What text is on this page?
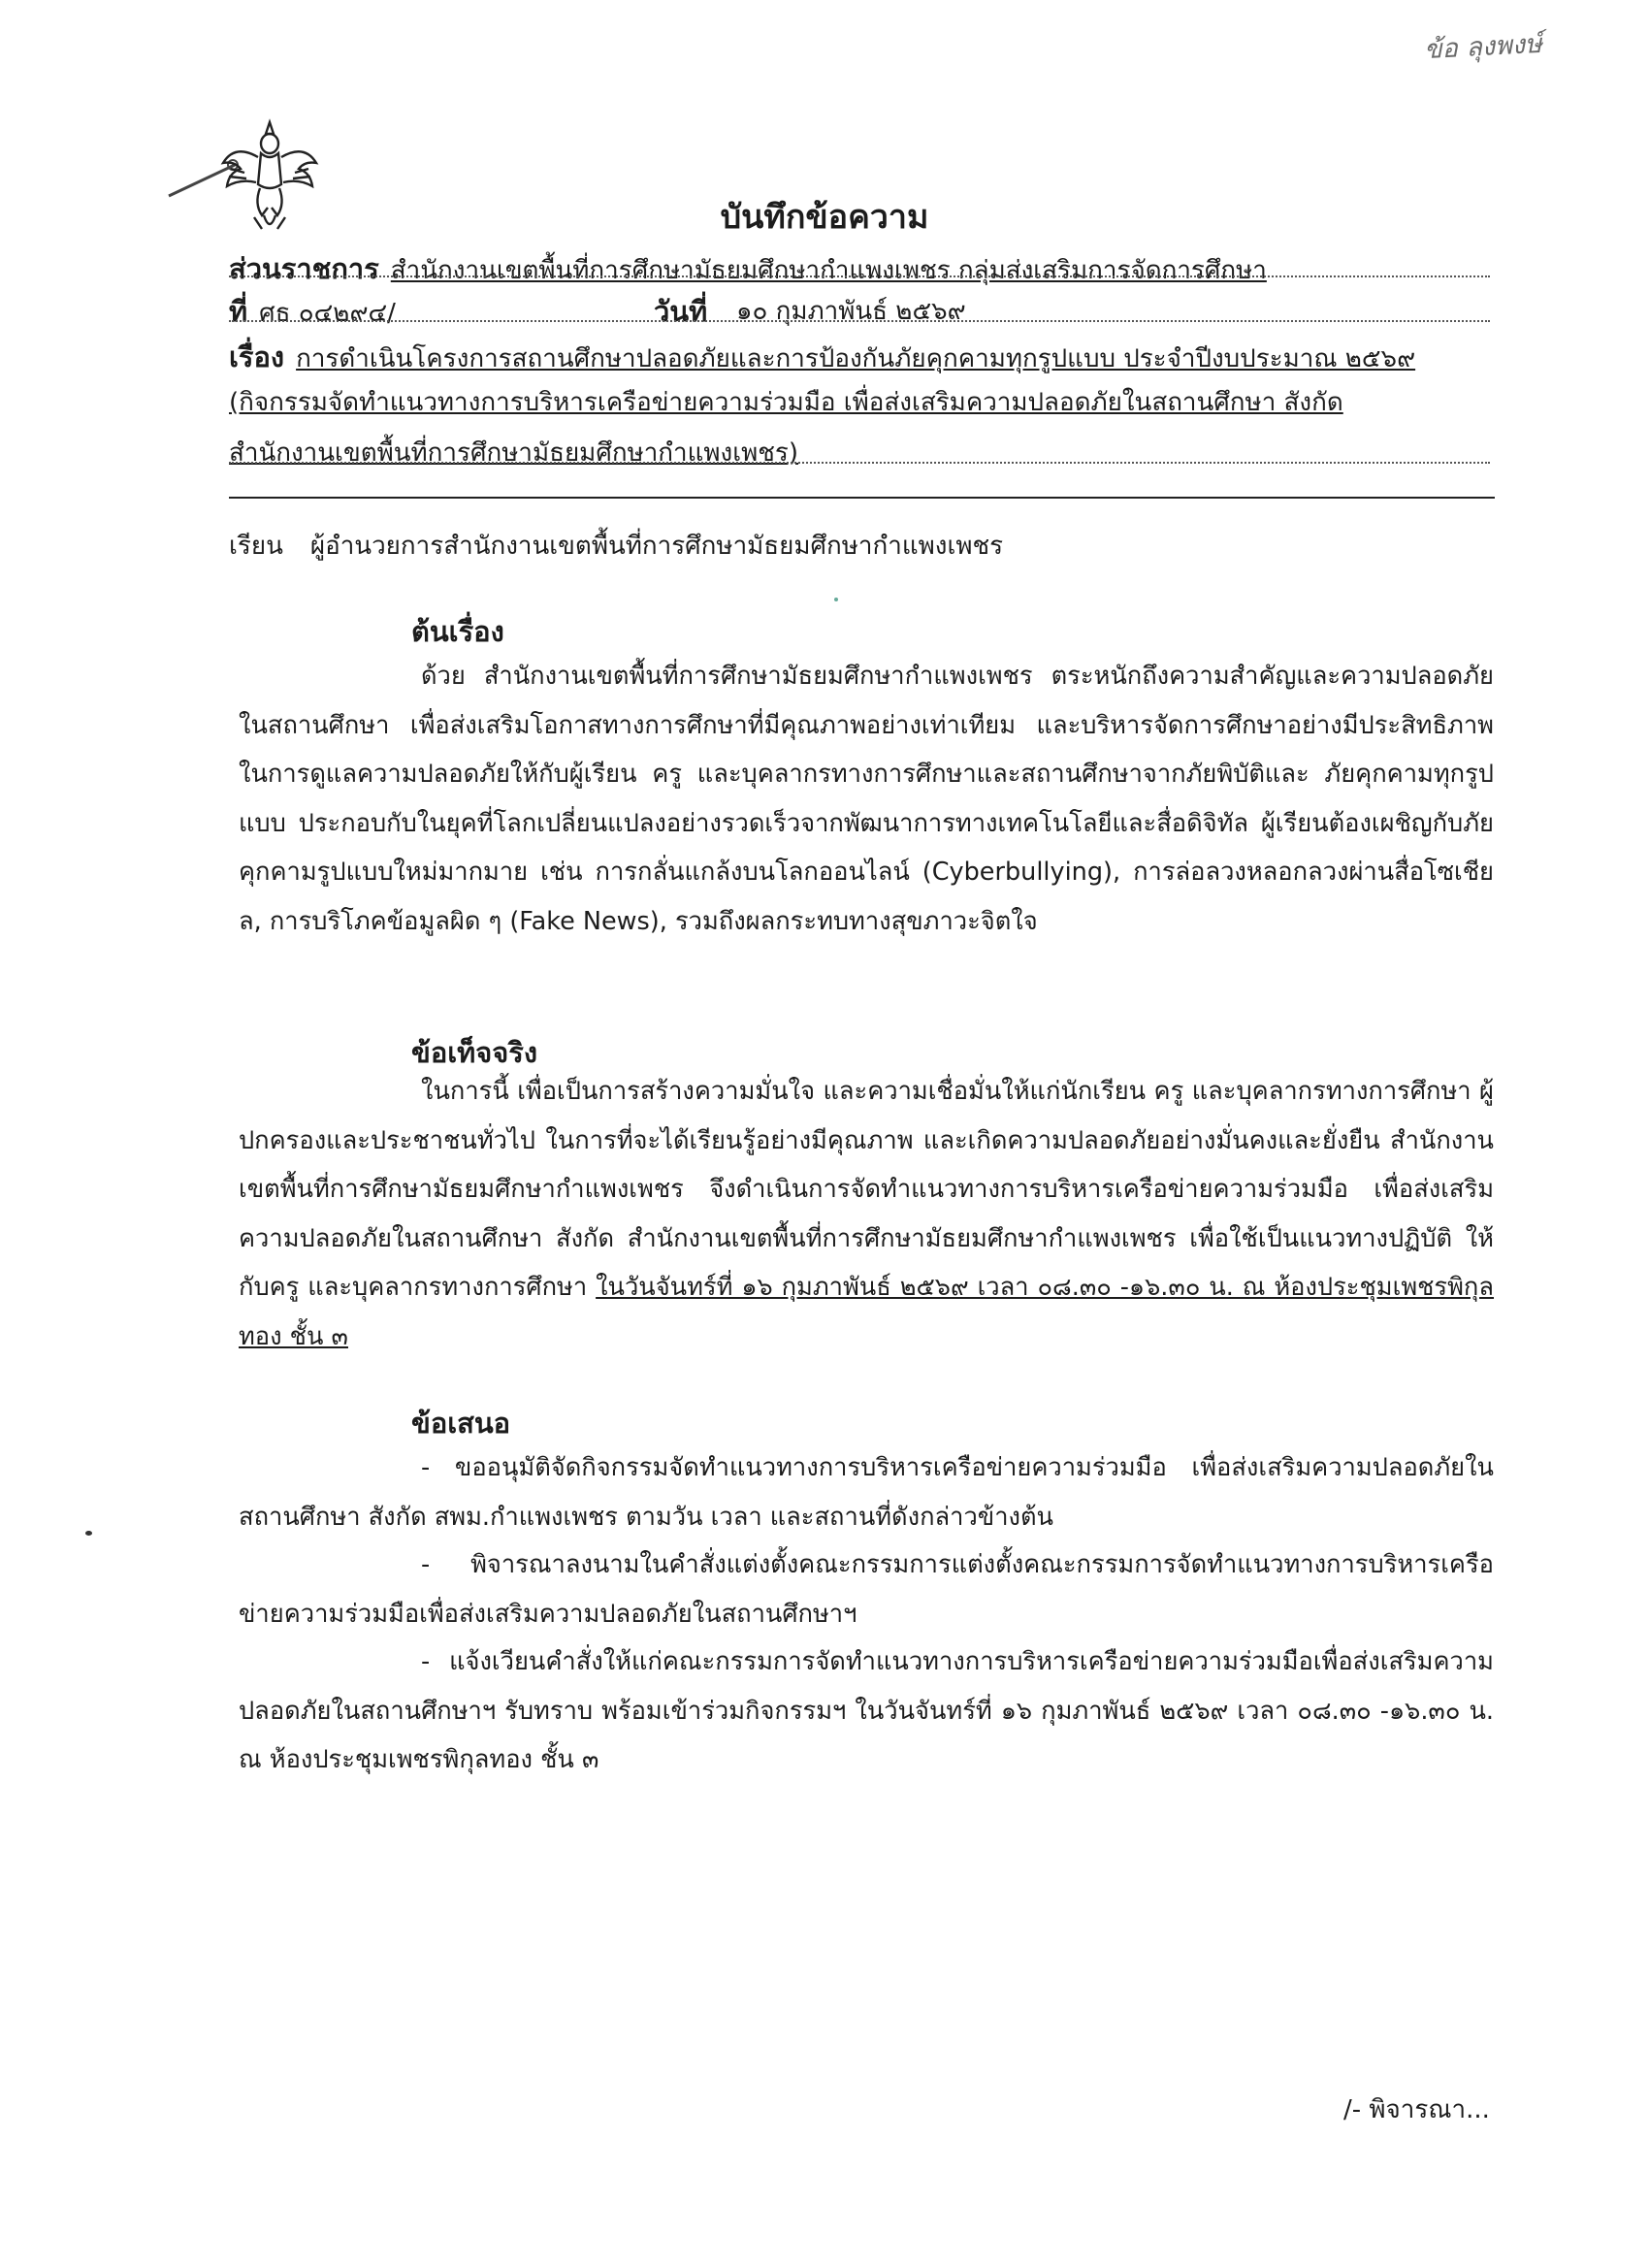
ข้อ ลุงพงษ์
บันทึกข้อความ
ส่วนราชการ สำนักงานเขตพื้นที่การศึกษามัธยมศึกษากำแพงเพชร กลุ่มส่งเสริมการจัดการศึกษา
ที่ ศธ ๐๔๒๙๔/	วันที่ ๑๐ กุมภาพันธ์ ๒๕๖๙
เรื่อง การดำเนินโครงการสถานศึกษาปลอดภัยและการป้องกันภัยคุกคามทุกรูปแบบ ประจำปีงบประมาณ ๒๕๖๙
(กิจกรรมจัดทำแนวทางการบริหารเครือข่ายความร่วมมือ เพื่อส่งเสริมความปลอดภัยในสถานศึกษา สังกัด
สำนักงานเขตพื้นที่การศึกษามัธยมศึกษากำแพงเพชร)
เรียน ผู้อำนวยการสำนักงานเขตพื้นที่การศึกษามัธยมศึกษากำแพงเพชร
ต้นเรื่อง

ด้วย สำนักงานเขตพื้นที่การศึกษามัธยมศึกษากำแพงเพชร ตระหนักถึงความสำคัญและความปลอดภัยในสถานศึกษา เพื่อส่งเสริมโอกาสทางการศึกษาที่มีคุณภาพอย่างเท่าเทียม และบริหารจัดการศึกษาอย่างมีประสิทธิภาพ ในการดูแลความปลอดภัยให้กับผู้เรียน ครู และบุคลากรทางการศึกษาและสถานศึกษาจากภัยพิบัติและ ภัยคุกคามทุกรูปแบบ ประกอบกับในยุคที่โลกเปลี่ยนแปลงอย่างรวดเร็วจากพัฒนาการทางเทคโนโลยีและสื่อดิจิทัล ผู้เรียนต้องเผชิญกับภัยคุกคามรูปแบบใหม่มากมาย เช่น การกลั่นแกล้งบนโลกออนไลน์ (Cyberbullying), การล่อลวงหลอกลวงผ่านสื่อโซเชียล, การบริโภคข้อมูลผิด ๆ (Fake News), รวมถึงผลกระทบทางสุขภาวะจิตใจ

ข้อเท็จจริง

ในการนี้ เพื่อเป็นการสร้างความมั่นใจ และความเชื่อมั่นให้แก่นักเรียน ครู และบุคลากรทางการศึกษา ผู้ปกครองและประชาชนทั่วไป ในการที่จะได้เรียนรู้อย่างมีคุณภาพ และเกิดความปลอดภัยอย่างมั่นคงและยั่งยืน สำนักงานเขตพื้นที่การศึกษามัธยมศึกษากำแพงเพชร จึงดำเนินการจัดทำแนวทางการบริหารเครือข่ายความร่วมมือ เพื่อส่งเสริมความปลอดภัยในสถานศึกษา สังกัด สำนักงานเขตพื้นที่การศึกษามัธยมศึกษากำแพงเพชร เพื่อใช้เป็นแนวทางปฏิบัติ ให้กับครู และบุคลากรทางการศึกษา ในวันจันทร์ที่ ๑๖ กุมภาพันธ์ ๒๕๖๙ เวลา ๐๘.๓๐ -๑๖.๓๐ น. ณ ห้องประชุมเพชรพิกุลทอง ชั้น ๓

ข้อเสนอ

- ขออนุมัติจัดกิจกรรมจัดทำแนวทางการบริหารเครือข่ายความร่วมมือ เพื่อส่งเสริมความปลอดภัยในสถานศึกษา สังกัด สพม.กำแพงเพชร ตามวัน เวลา และสถานที่ดังกล่าวข้างต้น

- พิจารณาลงนามในคำสั่งแต่งตั้งคณะกรรมการแต่งตั้งคณะกรรมการจัดทำแนวทางการบริหารเครือข่ายความร่วมมือเพื่อส่งเสริมความปลอดภัยในสถานศึกษาฯ

- แจ้งเวียนคำสั่งให้แก่คณะกรรมการจัดทำแนวทางการบริหารเครือข่ายความร่วมมือเพื่อส่งเสริมความปลอดภัยในสถานศึกษาฯ รับทราบ พร้อมเข้าร่วมกิจกรรมฯ ในวันจันทร์ที่ ๑๖ กุมภาพันธ์ ๒๕๖๙ เวลา ๐๘.๓๐ -๑๖.๓๐ น. ณ ห้องประชุมเพชรพิกุลทอง ชั้น ๓

/- พิจารณา...
